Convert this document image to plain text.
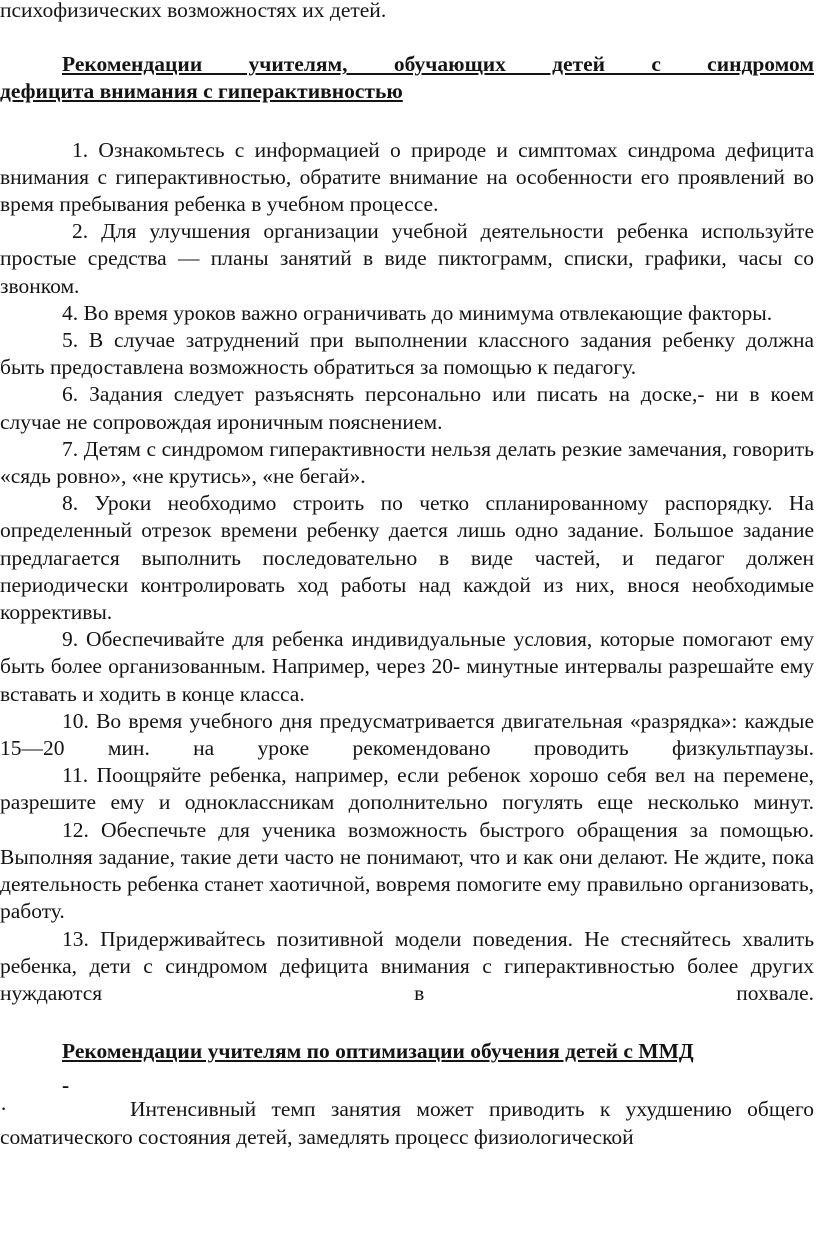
психофизических возможностях их детей.

Рекомендации учителям, обучающих детей с синдромом
дефицита внимания с гиперактивностью

1. Ознакомьтесь с информацией о природе и симптомах синдрома дефицита внимания с гиперактивностью, обратите внимание на особенности его проявлений во время пребывания ребенка в учебном процессе.

2. Для улучшения организации учебной деятельности ребенка используйте простые средства — планы занятий в виде пиктограмм, списки, графики, часы со звонком.

4. Во время уроков важно ограничивать до минимума отвлекающие факторы.

5. В случае затруднений при выполнении классного задания ребенку должна быть предоставлена возможность обратиться за помощью к педагогу.

6. Задания следует разъяснять персонально или писать на доске,- ни в коем случае не сопровождая ироничным пояснением.

7. Детям с синдромом гиперактивности нельзя делать резкие замечания, говорить «сядь ровно», «не крутись», «не бегай».

8. Уроки необходимо строить по четко спланированному распорядку. На определенный отрезок времени ребенку дается лишь одно задание. Большое задание предлагается выполнить последовательно в виде частей, и педагог должен периодически контролировать ход работы над каждой из них, внося необходимые коррективы.

9. Обеспечивайте для ребенка индивидуальные условия, которые помогают ему быть более организованным. Например, через 20- минутные интервалы разрешайте ему вставать и ходить в конце класса.

10. Во время учебного дня предусматривается двигательная «разрядка»: каждые 15—20 мин. на уроке рекомендовано проводить физкультпаузы.

11. Поощряйте ребенка, например, если ребенок хорошо себя вел на перемене, разрешите ему и одноклассникам дополнительно погулять еще несколько минут.

12. Обеспечьте для ученика возможность быстрого обращения за помощью. Выполняя задание, такие дети часто не понимают, что и как они делают. Не ждите, пока деятельность ребенка станет хаотичной, вовремя помогите ему правильно организовать, работу.

13. Придерживайтесь позитивной модели поведения. Не стесняйтесь хвалить ребенка, дети с синдромом дефицита внимания с гиперактивностью более других нуждаются в похвале.

Рекомендации учителям по оптимизации обучения детей с ММД

-
·	Интенсивный темп занятия может приводить к ухудшению общего соматического состояния детей, замедлять процесс физиологической
